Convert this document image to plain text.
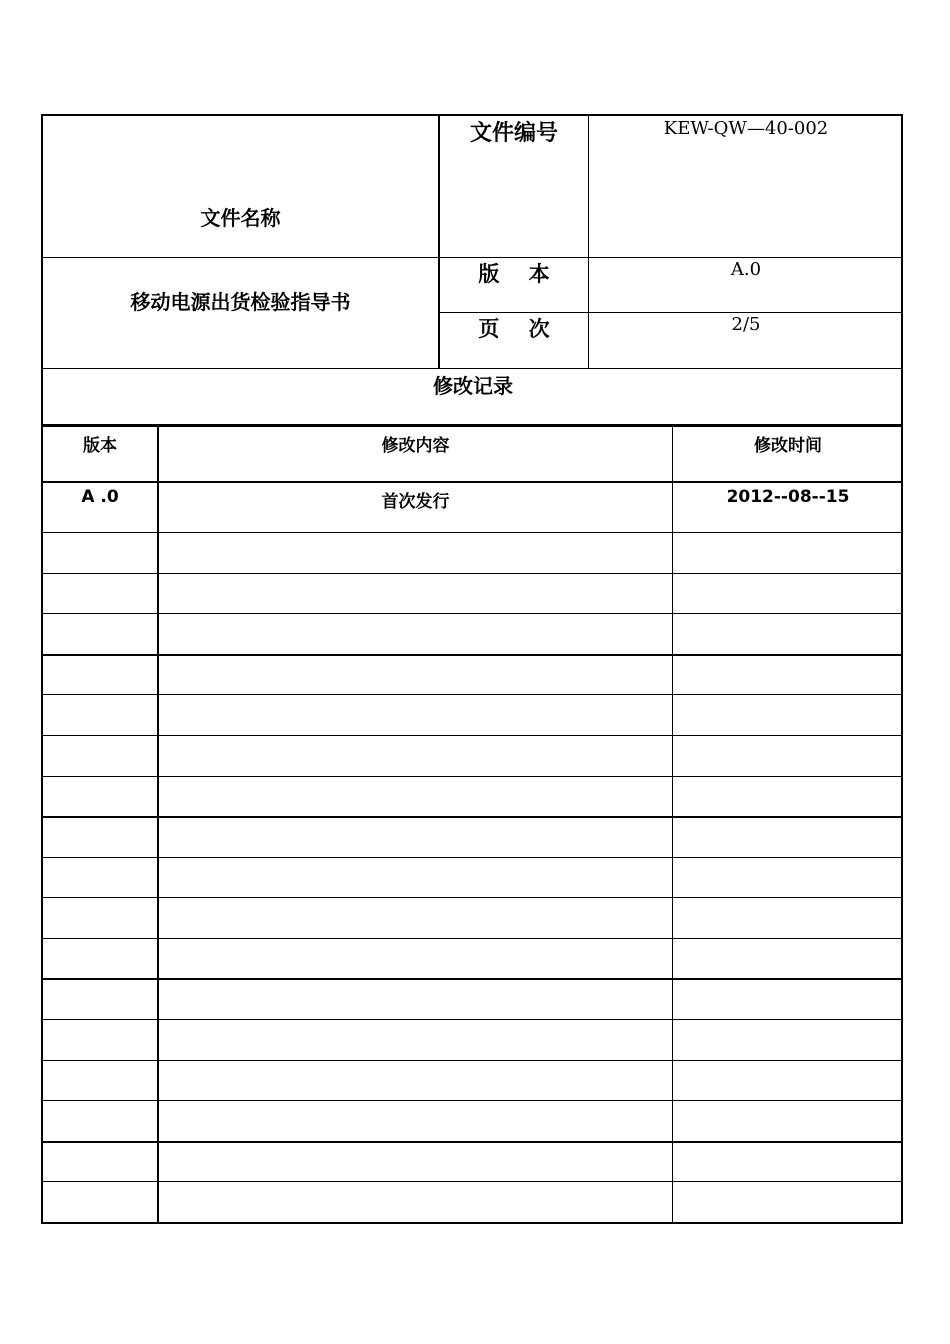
文件名称
移动电源出货检验指导书
文件编号	KEW-QW—40-002
版    本	A.0
页    次	2/5
修改记录
版本	修改内容	修改时间
A .0	首次发行	2012--08--15
